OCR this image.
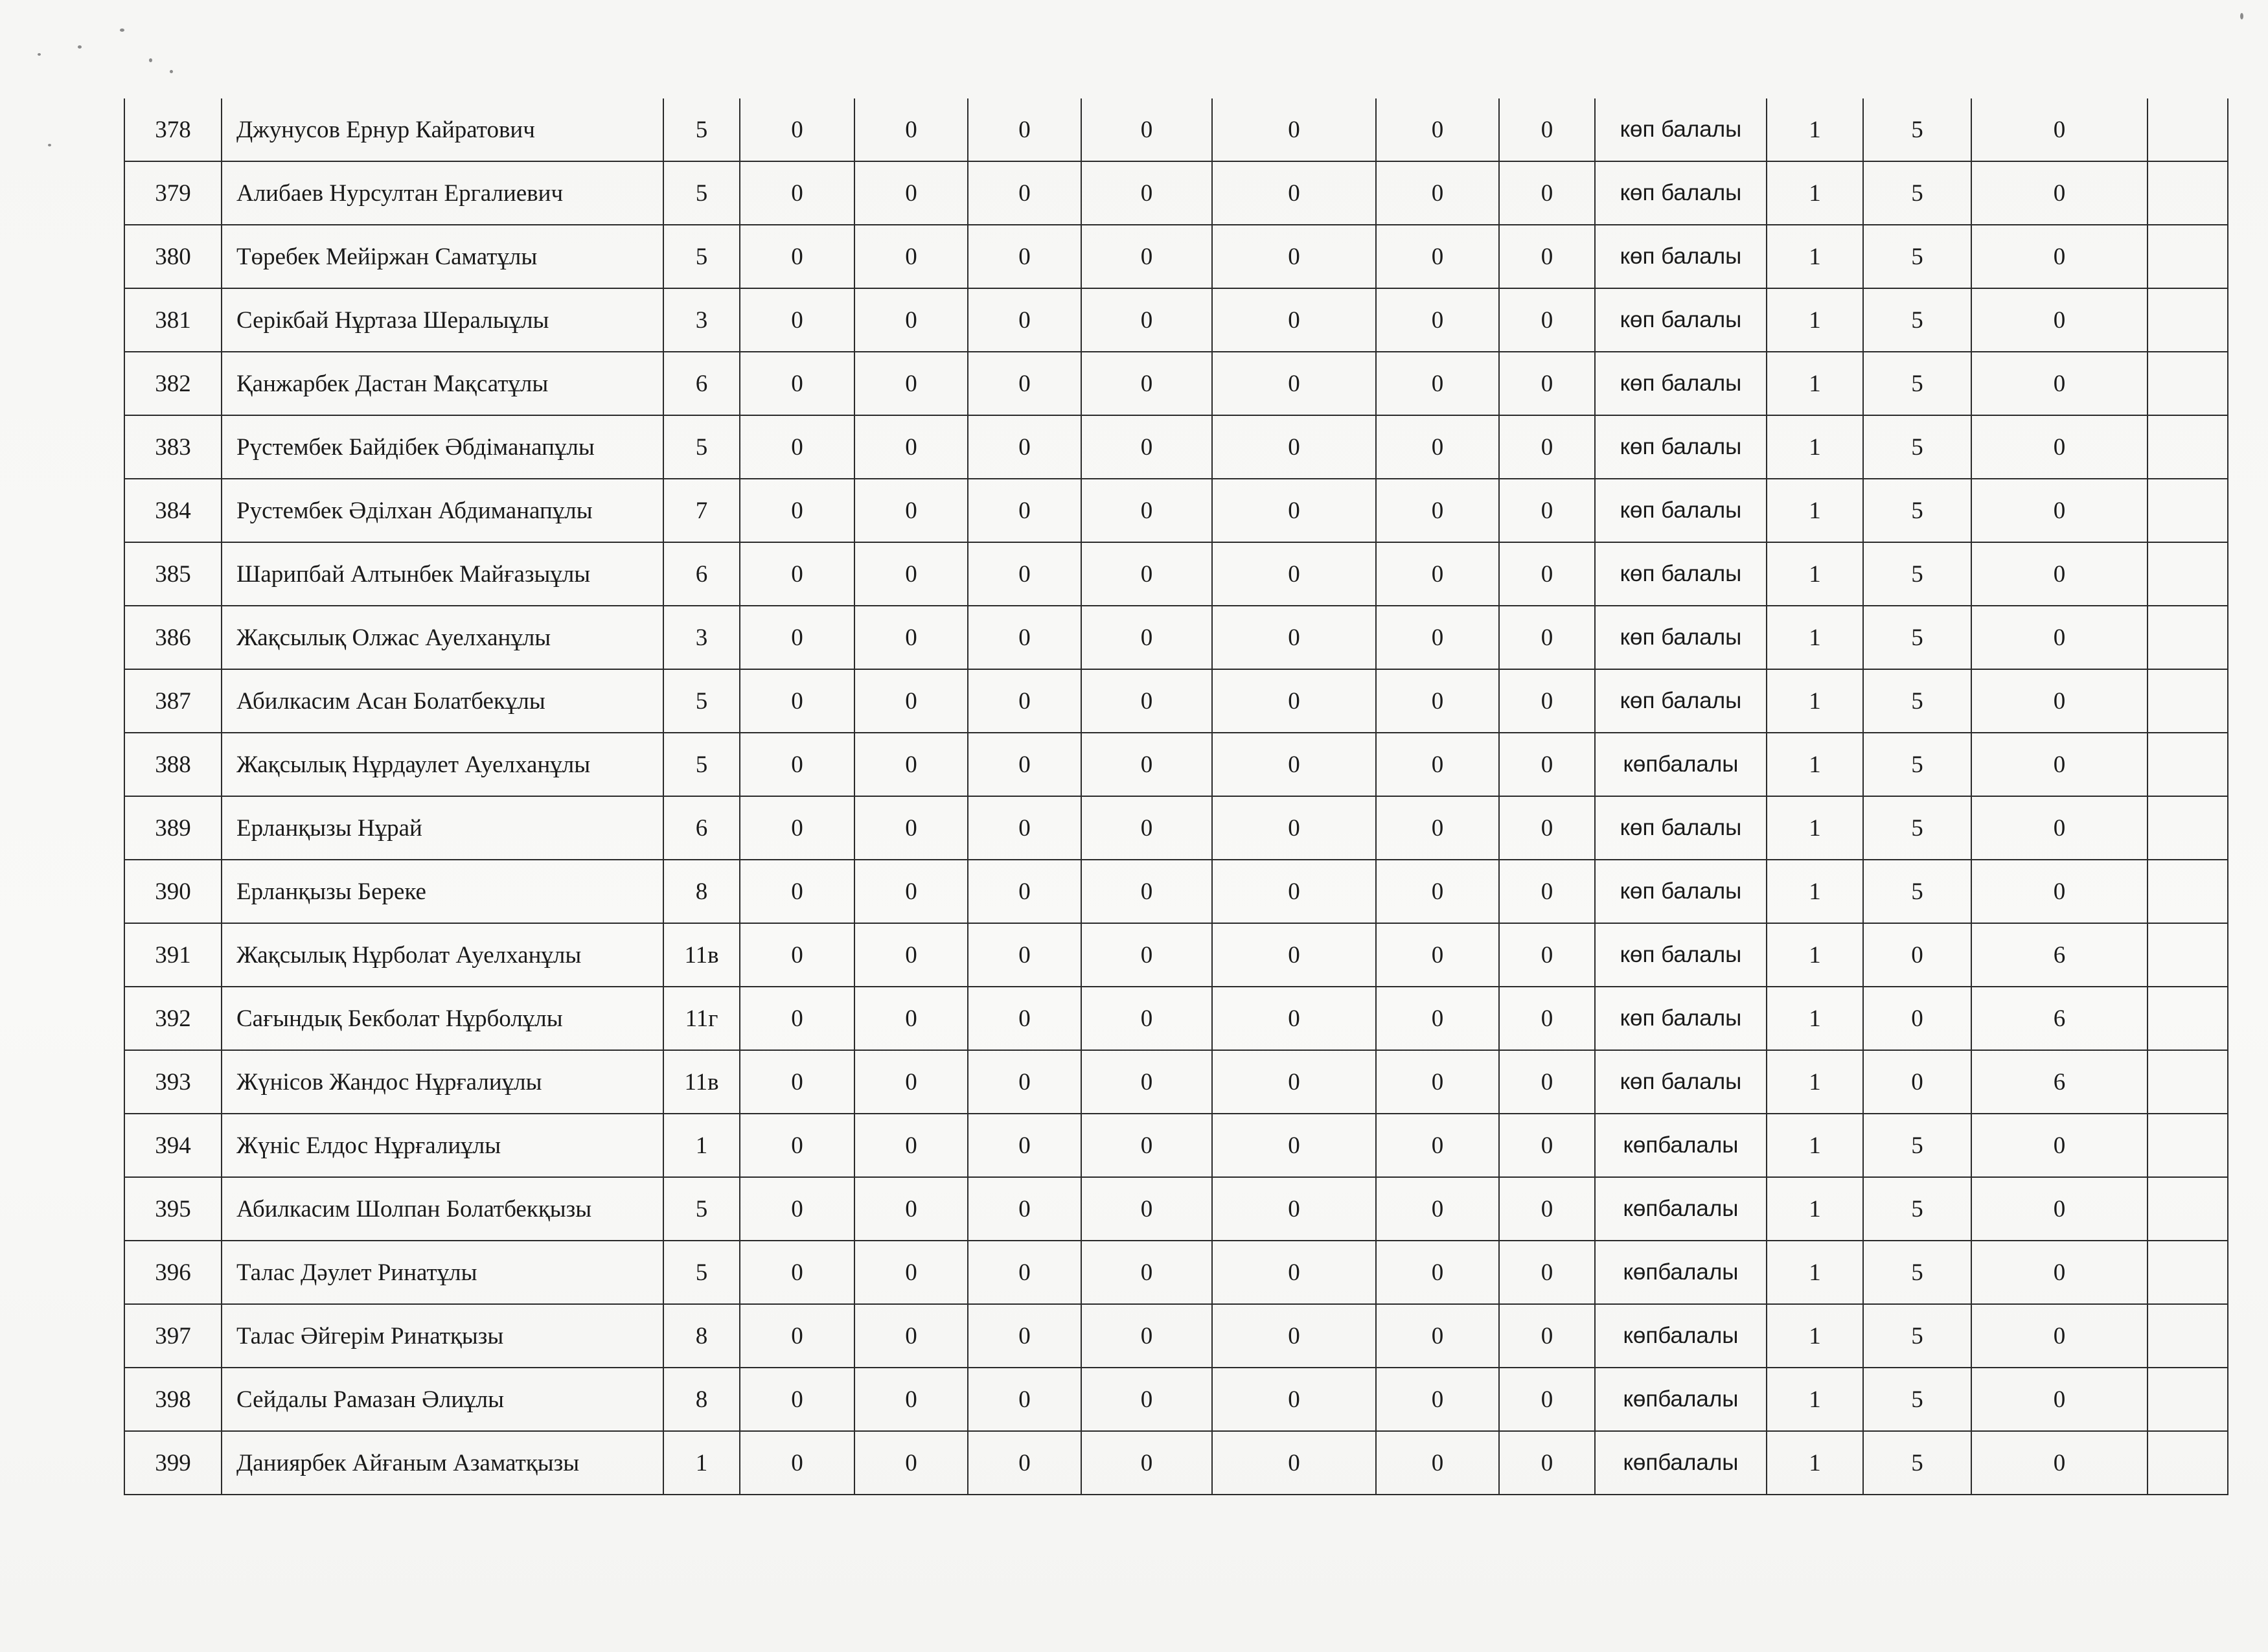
378	Джунусов Ернур Кайратович	5	0	0	0	0	0	0	0	көп балалы	1	5	0	
379	Алибаев Нурсултан Ергалиевич	5	0	0	0	0	0	0	0	көп балалы	1	5	0	
380	Төребек Мейіржан Саматұлы	5	0	0	0	0	0	0	0	көп балалы	1	5	0	
381	Серікбай Нұртаза Шералыұлы	3	0	0	0	0	0	0	0	көп балалы	1	5	0	
382	Қанжарбек Дастан Мақсатұлы	6	0	0	0	0	0	0	0	көп балалы	1	5	0	
383	Рүстембек Байдібек Әбдіманапұлы	5	0	0	0	0	0	0	0	көп балалы	1	5	0	
384	Рустембек Әділхан Абдиманапұлы	7	0	0	0	0	0	0	0	көп балалы	1	5	0	
385	Шарипбай Алтынбек Майғазыұлы	6	0	0	0	0	0	0	0	көп балалы	1	5	0	
386	Жақсылық Олжас Ауелханұлы	3	0	0	0	0	0	0	0	көп балалы	1	5	0	
387	Абилкасим Асан Болатбекұлы	5	0	0	0	0	0	0	0	көп балалы	1	5	0	
388	Жақсылық Нұрдаулет Ауелханұлы	5	0	0	0	0	0	0	0	көпбалалы	1	5	0	
389	Ерланқызы Нұрай	6	0	0	0	0	0	0	0	көп балалы	1	5	0	
390	Ерланқызы Береке	8	0	0	0	0	0	0	0	көп балалы	1	5	0	
391	Жақсылық Нұрболат Ауелханұлы	11в	0	0	0	0	0	0	0	көп балалы	1	0	6	
392	Сағындық Бекболат Нұрболұлы	11г	0	0	0	0	0	0	0	көп балалы	1	0	6	
393	Жүнісов Жандос Нұрғалиұлы	11в	0	0	0	0	0	0	0	көп балалы	1	0	6	
394	Жүніс Елдос Нұрғалиұлы	1	0	0	0	0	0	0	0	көпбалалы	1	5	0	
395	Абилкасим Шолпан Болатбекқызы	5	0	0	0	0	0	0	0	көпбалалы	1	5	0	
396	Талас Дәулет Ринатұлы	5	0	0	0	0	0	0	0	көпбалалы	1	5	0	
397	Талас Әйгерім Ринатқызы	8	0	0	0	0	0	0	0	көпбалалы	1	5	0	
398	Сейдалы Рамазан Әлиұлы	8	0	0	0	0	0	0	0	көпбалалы	1	5	0	
399	Даниярбек Айғаным Азаматқызы	1	0	0	0	0	0	0	0	көпбалалы	1	5	0	
